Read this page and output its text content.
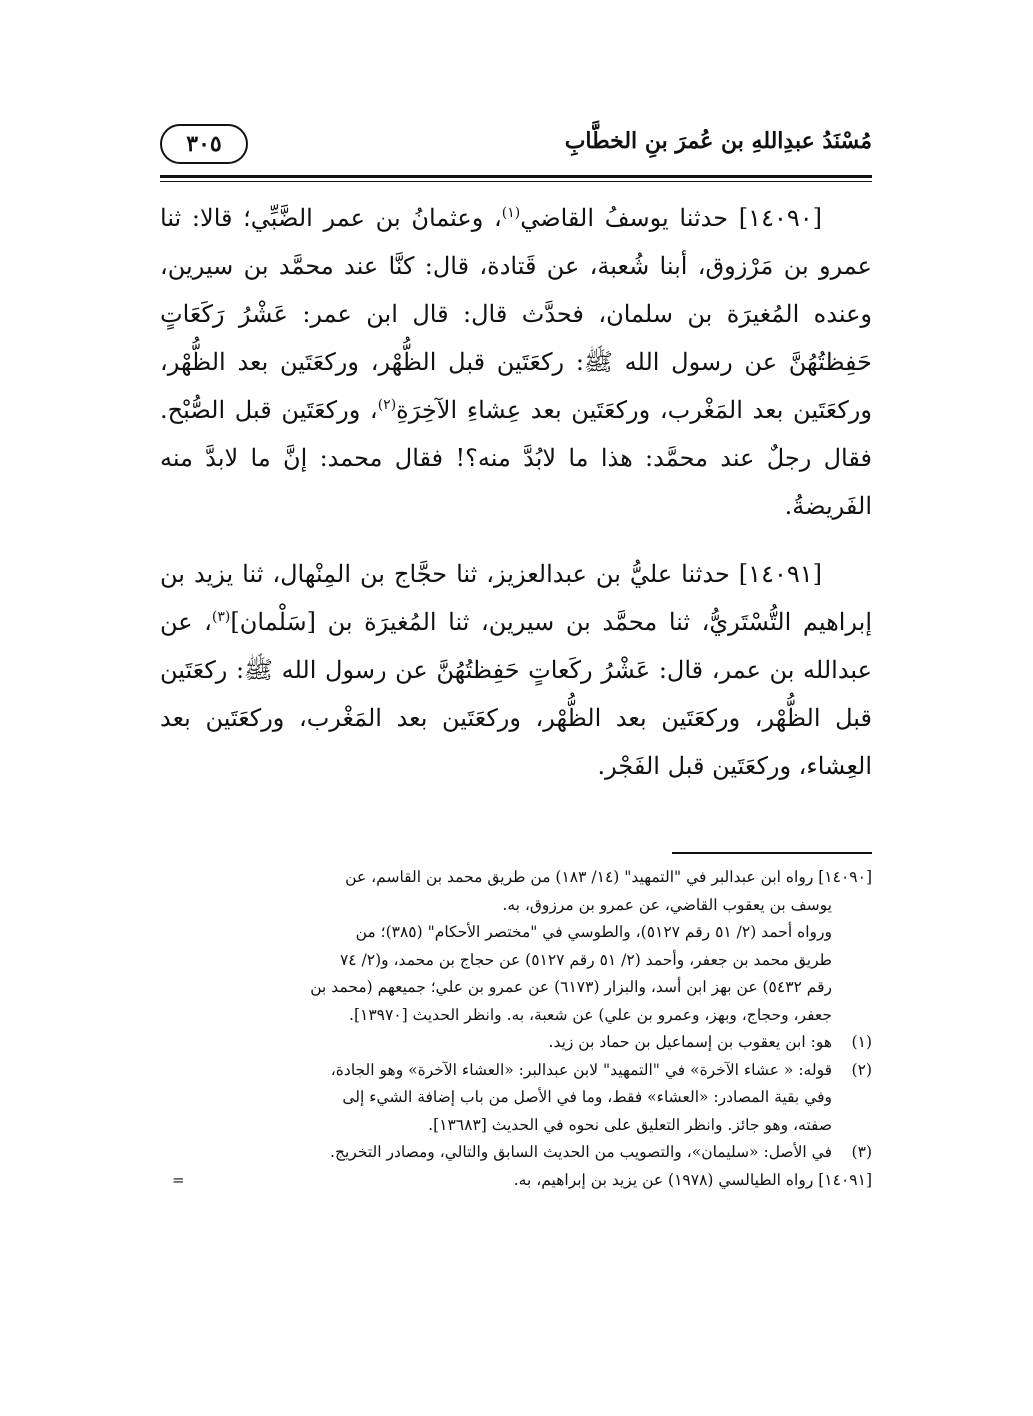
مُسْنَدُ عبدِاللهِ بن عُمرَ بنِ الخطَّابِ
٣٠٥

[١٤٠٩٠] حدثنا يوسفُ القاضي$^{(١)}$، وعثمانُ بن عمر الضَّبِّي؛ قالا: ثنا عمرو بن مَرْزوق، أبنا شُعبة، عن قَتادة، قال: كنَّا عند محمَّد بن سيرين، وعنده المُغيرَة بن سلمان، فحدَّث قال: قال ابن عمر: عَشْرُ رَكَعَاتٍ حَفِظتُهُنَّ عن رسول الله ﷺ: ركعَتَين قبل الظُّهْر، وركعَتَين بعد الظُّهْر، وركعَتَين بعد المَغْرب، وركعَتَين بعد عِشاءِ الآخِرَةِ$^{(٢)}$، وركعَتَين قبل الصُّبْح. فقال رجلٌ عند محمَّد: هذا ما لابُدَّ منه؟! فقال محمد: إنَّ ما لابدَّ منه الفَريضةُ.

[١٤٠٩١] حدثنا عليُّ بن عبدالعزيز، ثنا حجَّاج بن المِنْهال، ثنا يزيد بن إبراهيم التُّسْتَريُّ، ثنا محمَّد بن سيرين، ثنا المُغيرَة بن [سَلْمان]$^{(٣)}$، عن عبدالله بن عمر، قال: عَشْرُ ركَعاتٍ حَفِظتُهُنَّ عن رسول الله ﷺ: ركعَتَين قبل الظُّهْر، وركعَتَين بعد الظُّهْر، وركعَتَين بعد المَغْرب، وركعَتَين بعد العِشاء، وركعَتَين قبل الفَجْر.

[١٤٠٩٠] رواه ابن عبدالبر في "التمهيد" (١٤/ ١٨٣) من طريق محمد بن القاسم، عن
يوسف بن يعقوب القاضي، عن عمرو بن مرزوق، به.
ورواه أحمد (٢/ ٥١ رقم ٥١٢٧)، والطوسي في "مختصر الأحكام" (٣٨٥)؛ من
طريق محمد بن جعفر، وأحمد (٢/ ٥١ رقم ٥١٢٧) عن حجاج بن محمد، و(٢/ ٧٤
رقم ٥٤٣٢) عن بهز ابن أسد، والبزار (٦١٧٣) عن عمرو بن علي؛ جميعهم (محمد بن
جعفر، وحجاج، وبهز، وعمرو بن علي) عن شعبة، به. وانظر الحديث [١٣٩٧٠].
(١)
هو: ابن يعقوب بن إسماعيل بن حماد بن زيد.
(٢)
قوله: « عشاء الآخرة» في "التمهيد" لابن عبدالبر: «العشاء الآخرة» وهو الجادة،
وفي بقية المصادر: «العشاء» فقط، وما في الأصل من باب إضافة الشيء إلى
صفته، وهو جائز. وانظر التعليق على نحوه في الحديث [١٣٦٨٣].
(٣)
في الأصل: «سليمان»، والتصويب من الحديث السابق والتالي، ومصادر التخريج.
[١٤٠٩١] رواه الطيالسي (١٩٧٨) عن يزيد بن إبراهيم، به.
=
